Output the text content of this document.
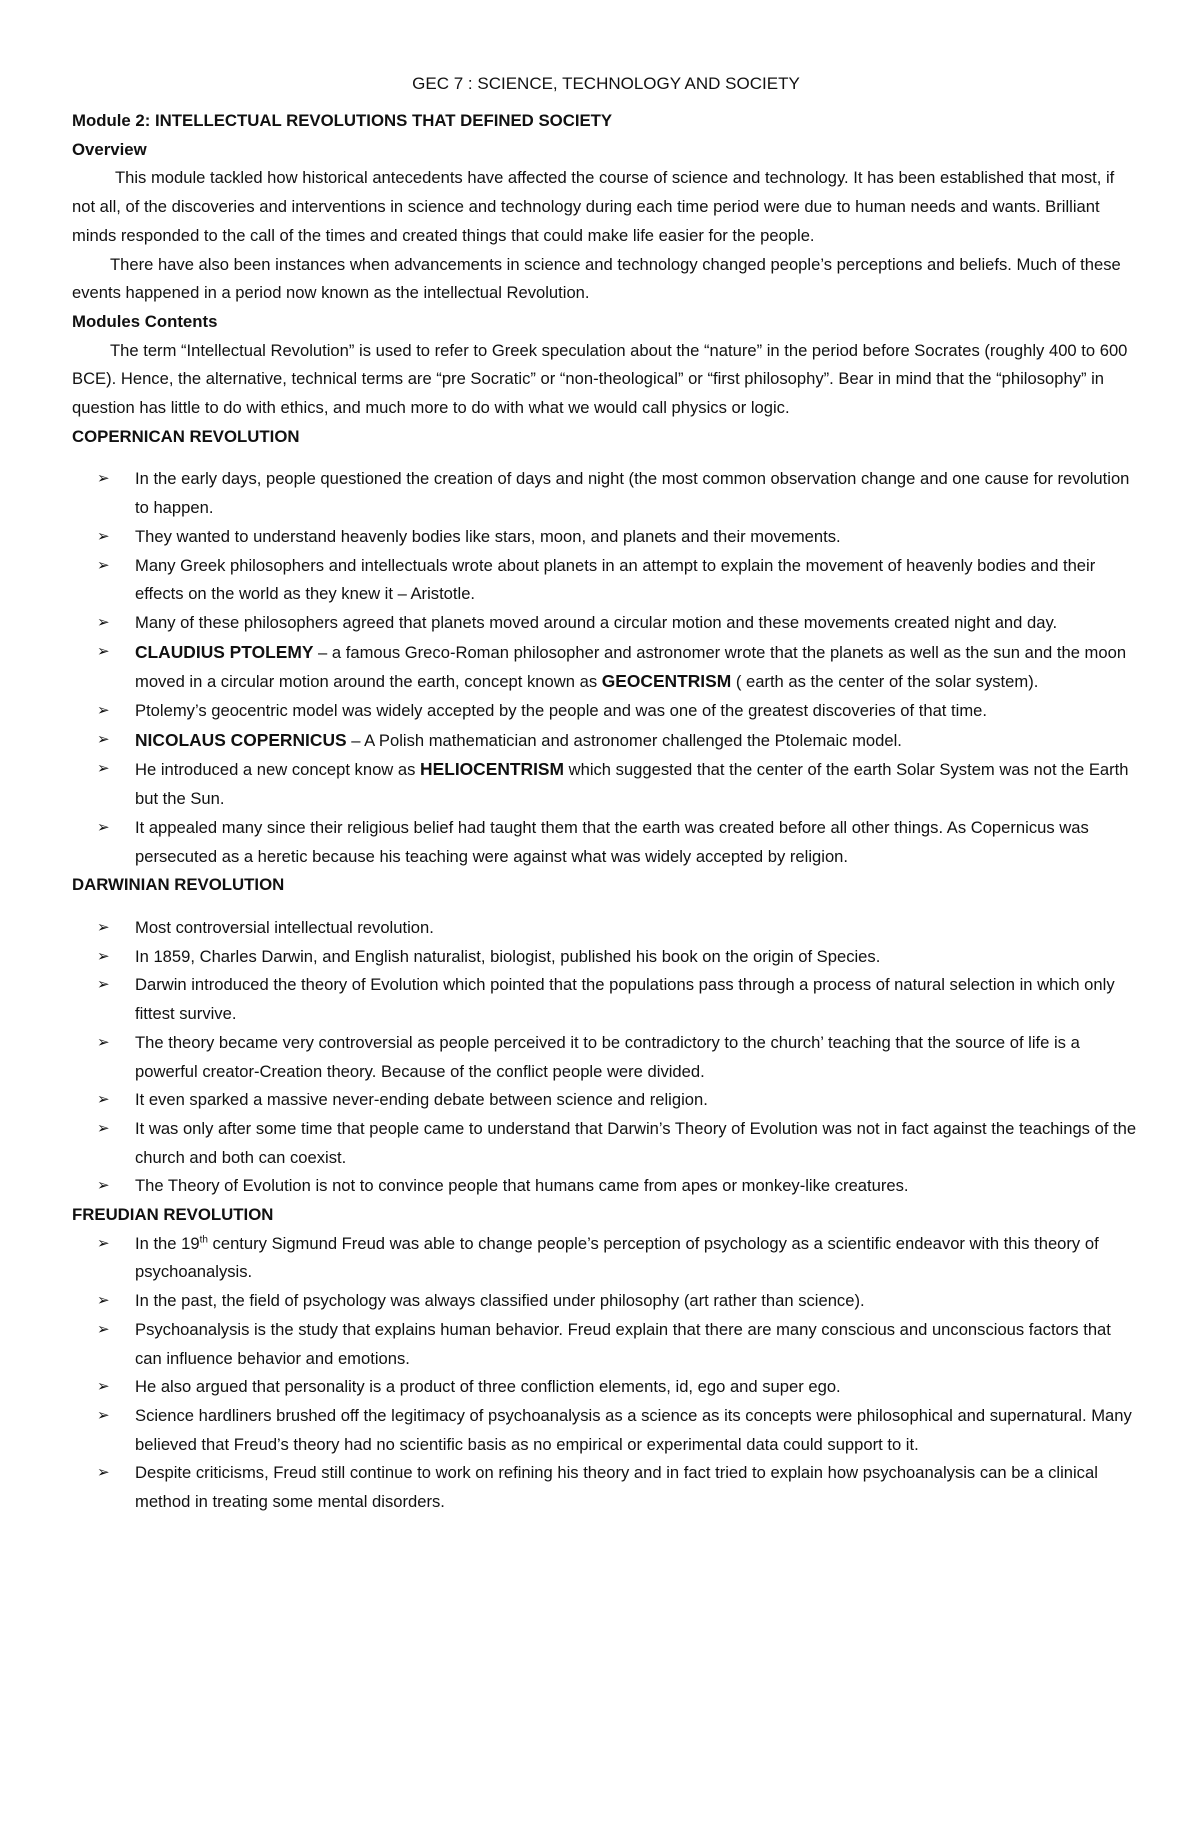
GEC 7 : SCIENCE, TECHNOLOGY AND SOCIETY
Module 2: INTELLECTUAL REVOLUTIONS THAT DEFINED SOCIETY
Overview

This module tackled how historical antecedents have affected the course of science and technology. It has been established that most, if not all, of the discoveries and interventions in science and technology during each time period were due to human needs and wants. Brilliant minds responded to the call of the times and created things that could make life easier for the people.

There have also been instances when advancements in science and technology changed people’s perceptions and beliefs. Much of these events happened in a period now known as the intellectual Revolution.

Modules Contents

The term “Intellectual Revolution” is used to refer to Greek speculation about the “nature” in the period before Socrates (roughly 400 to 600 BCE). Hence, the alternative, technical terms are “pre Socratic” or “non-theological” or “first philosophy”. Bear in mind that the “philosophy” in question has little to do with ethics, and much more to do with what we would call physics or logic.

COPERNICAN REVOLUTION
➢ In the early days, people questioned the creation of days and night (the most common observation change and one cause for revolution to happen.
➢ They wanted to understand heavenly bodies like stars, moon, and planets and their movements.
➢ Many Greek philosophers and intellectuals wrote about planets in an attempt to explain the movement of heavenly bodies and their effects on the world as they knew it – Aristotle.
➢ Many of these philosophers agreed that planets moved around a circular motion and these movements created night and day.
➢ CLAUDIUS PTOLEMY – a famous Greco-Roman philosopher and astronomer wrote that the planets as well as the sun and the moon moved in a circular motion around the earth, concept known as GEOCENTRISM ( earth as the center of the solar system).
➢ Ptolemy’s geocentric model was widely accepted by the people and was one of the greatest discoveries of that time.
➢ NICOLAUS COPERNICUS – A Polish mathematician and astronomer challenged the Ptolemaic model.
➢ He introduced a new concept know as HELIOCENTRISM which suggested that the center of the earth Solar System was not the Earth but the Sun.
➢ It appealed many since their religious belief had taught them that the earth was created before all other things. As Copernicus was persecuted as a heretic because his teaching were against what was widely accepted by religion.
DARWINIAN REVOLUTION
➢ Most controversial intellectual revolution.
➢ In 1859, Charles Darwin, and English naturalist, biologist, published his book on the origin of Species.
➢ Darwin introduced the theory of Evolution which pointed that the populations pass through a process of natural selection in which only fittest survive.
➢ The theory became very controversial as people perceived it to be contradictory to the church’ teaching that the source of life is a powerful creator-Creation theory. Because of the conflict people were divided.
➢ It even sparked a massive never-ending debate between science and religion.
➢ It was only after some time that people came to understand that Darwin’s Theory of Evolution was not in fact against the teachings of the church and both can coexist.
➢ The Theory of Evolution is not to convince people that humans came from apes or monkey-like creatures.
FREUDIAN REVOLUTION
➢ In the 19th century Sigmund Freud was able to change people’s perception of psychology as a scientific endeavor with this theory of psychoanalysis.
➢ In the past, the field of psychology was always classified under philosophy (art rather than science).
➢ Psychoanalysis is the study that explains human behavior. Freud explain that there are many conscious and unconscious factors that can influence behavior and emotions.
➢ He also argued that personality is a product of three confliction elements, id, ego and super ego.
➢ Science hardliners brushed off the legitimacy of psychoanalysis as a science as its concepts were philosophical and supernatural. Many believed that Freud’s theory had no scientific basis as no empirical or experimental data could support to it.
➢ Despite criticisms, Freud still continue to work on refining his theory and in fact tried to explain how psychoanalysis can be a clinical method in treating some mental disorders.
